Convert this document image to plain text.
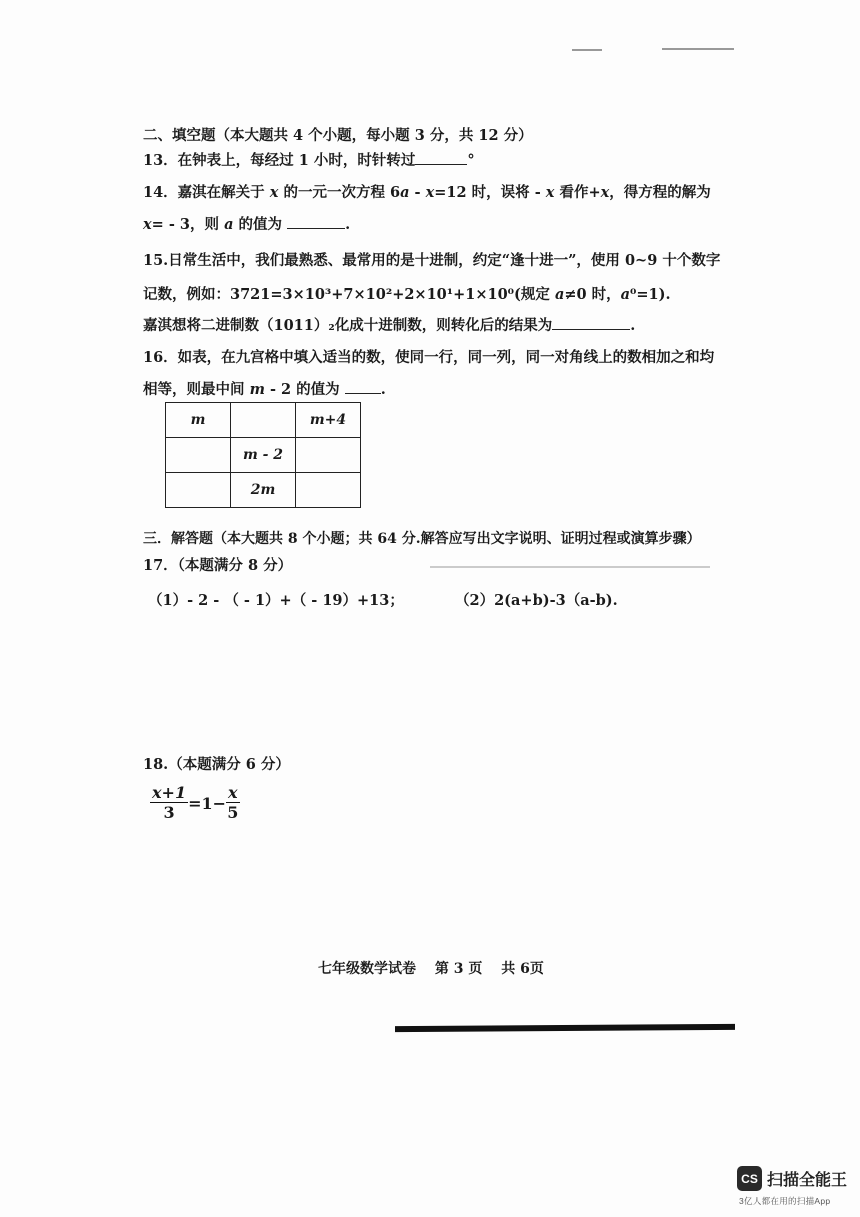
二、填空题（本大题共 4 个小题，每小题 3 分，共 12 分）
13．在钟表上，每经过 1 小时，时针转过	°
14．嘉淇在解关于 x 的一元一次方程 6a - x=12 时，误将 - x 看作+x，得方程的解为
x= - 3，则 a 的值为	.
15.日常生活中，我们最熟悉、最常用的是十进制，约定“逢十进一”，使用 0~9 十个数字
记数，例如：3721=3×10³+7×10²+2×10¹+1×10⁰(规定 a≠0 时，a⁰=1).
嘉淇想将二进制数（1011）₂化成十进制数，则转化后的结果为	.
16．如表，在九宫格中填入适当的数，使同一行，同一列，同一对角线上的数相加之和均
相等，则最中间 m - 2 的值为	.
m		m+4
	m - 2	
	2m	
三．解答题（本大题共 8 个小题；共 64 分.解答应写出文字说明、证明过程或演算步骤）
17．（本题满分 8 分）
（1）- 2 - （ - 1）+（ - 19）+13；	（2）2(a+b)-3（a-b).
18.（本题满分 6 分）
$\frac{x+1}{3} =1- \frac{x}{5}$
七年级数学试卷　 第 3 页　 共 6页
CS 扫描全能王
3亿人都在用的扫描App
